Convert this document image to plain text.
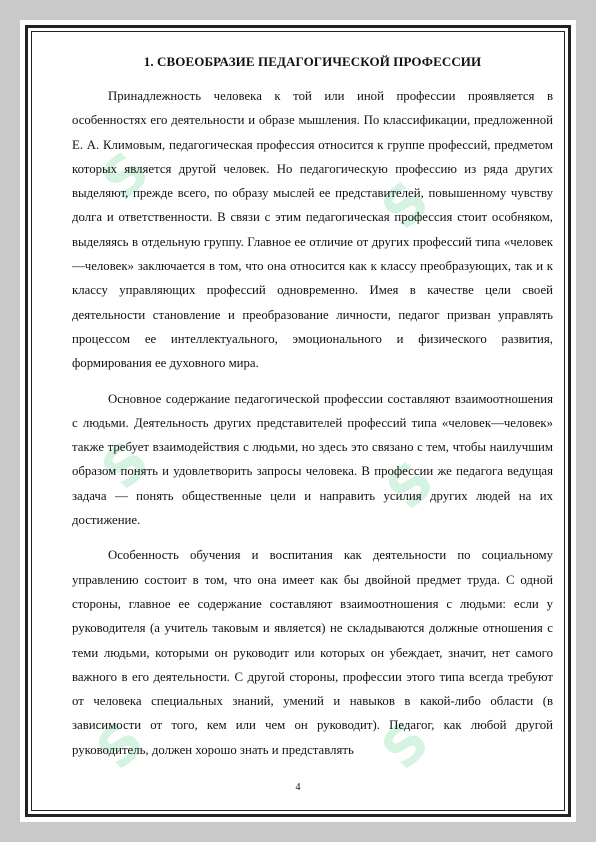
S	S
S	S
S	S
1. СВОЕОБРАЗИЕ ПЕДАГОГИЧЕСКОЙ ПРОФЕССИИ

Принадлежность человека к той или иной профессии проявляется в особенностях его деятельности и образе мышления. По классификации, предложенной Е. А. Климовым, педагогическая профессия относится к группе профессий, предметом которых является другой человек. Но педагогическую профессию из ряда других выделяют, прежде всего, по образу мыслей ее представителей, повышенному чувству долга и ответственности. В связи с этим педагогическая профессия стоит особняком, выделяясь в отдельную группу. Главное ее отличие от других профессий типа «человек—человек» заключается в том, что она относится как к классу преобразующих, так и к классу управляющих профессий одновременно. Имея в качестве цели своей деятельности становление и преобразование личности, педагог призван управлять процессом ее интеллектуального, эмоционального и физического развития, формирования ее духовного мира.

Основное содержание педагогической профессии составляют взаимоотношения с людьми. Деятельность других представителей профессий типа «человек—человек» также требует взаимодействия с людьми, но здесь это связано с тем, чтобы наилучшим образом понять и удовлетворить запросы человека. В профессии же педагога ведущая задача — понять общественные цели и направить усилия других людей на их достижение.

Особенность обучения и воспитания как деятельности по социальному управлению состоит в том, что она имеет как бы двойной предмет труда. С одной стороны, главное ее содержание составляют взаимоотношения с людьми: если у руководителя (а учитель таковым и является) не складываются должные отношения с теми людьми, которыми он руководит или которых он убеждает, значит, нет самого важного в его деятельности. С другой стороны, профессии этого типа всегда требуют от человека специальных знаний, умений и навыков в какой-либо области (в зависимости от того, кем или чем он руководит). Педагог, как любой другой руководитель, должен хорошо знать и представлять

4
